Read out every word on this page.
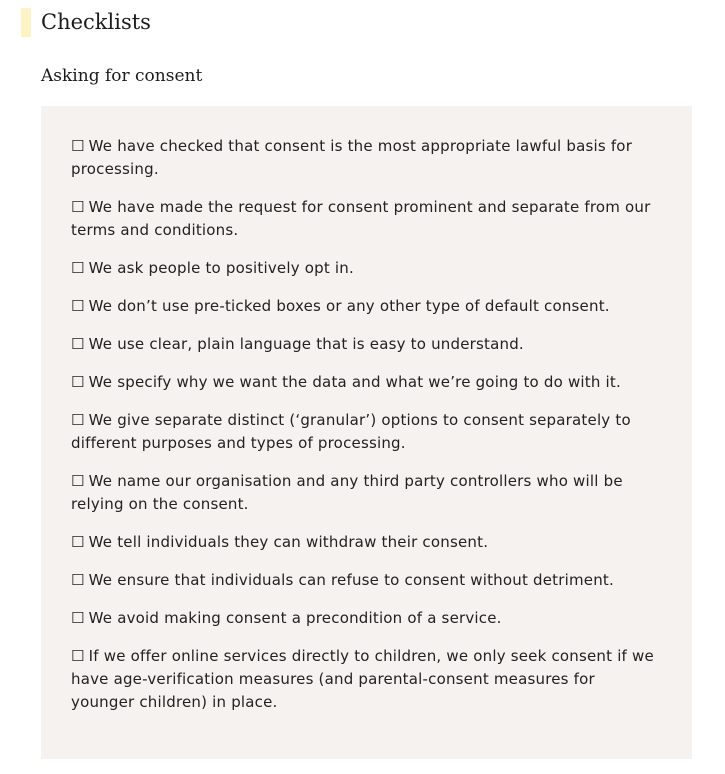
Checklists
Asking for consent
☐ We have checked that consent is the most appropriate lawful basis for processing.
☐ We have made the request for consent prominent and separate from our terms and conditions.
☐ We ask people to positively opt in.
☐ We don’t use pre-ticked boxes or any other type of default consent.
☐ We use clear, plain language that is easy to understand.
☐ We specify why we want the data and what we’re going to do with it.
☐ We give separate distinct (‘granular’) options to consent separately to different purposes and types of processing.
☐ We name our organisation and any third party controllers who will be relying on the consent.
☐ We tell individuals they can withdraw their consent.
☐ We ensure that individuals can refuse to consent without detriment.
☐ We avoid making consent a precondition of a service.
☐ If we offer online services directly to children, we only seek consent if we have age-verification measures (and parental-consent measures for younger children) in place.
